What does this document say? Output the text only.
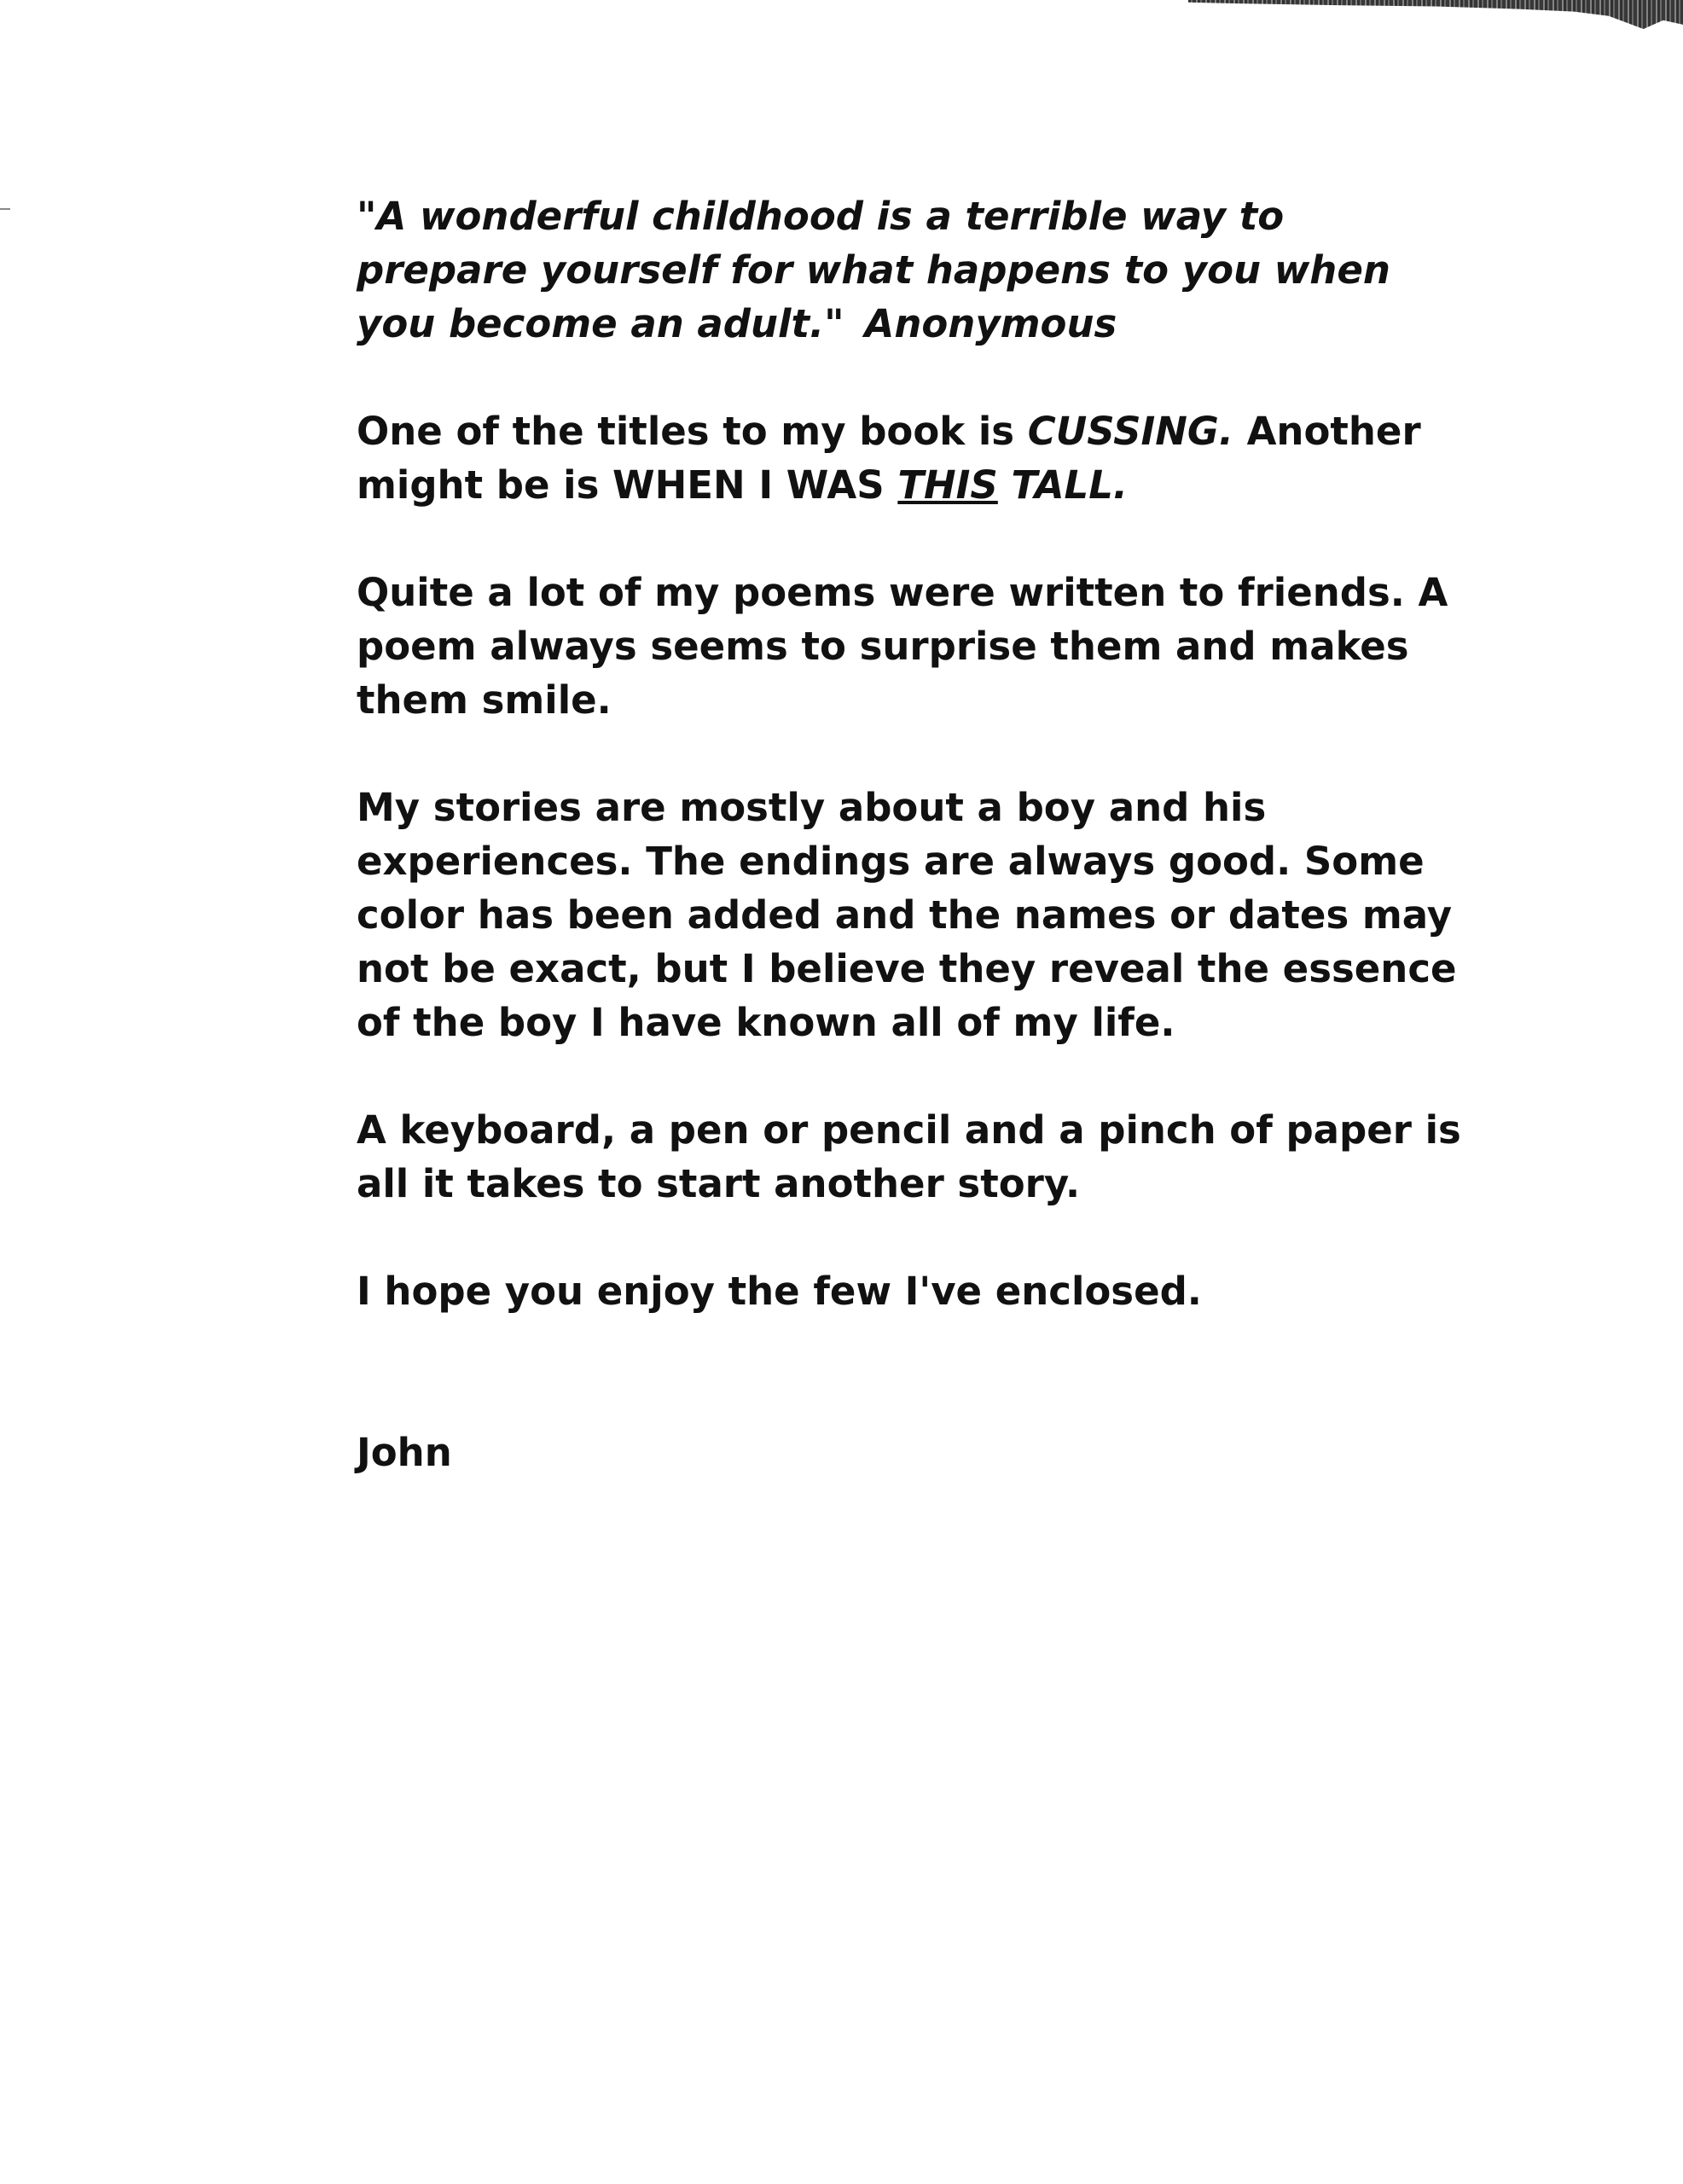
"A wonderful childhood is a terrible way to prepare yourself for what happens to you when you become an adult." Anonymous

One of the titles to my book is CUSSING. Another might be is WHEN I WAS THIS TALL.

Quite a lot of my poems were written to friends. A poem always seems to surprise them and makes them smile.

My stories are mostly about a boy and his experiences. The endings are always good. Some color has been added and the names or dates may not be exact, but I believe they reveal the essence of the boy I have known all of my life.

A keyboard, a pen or pencil and a pinch of paper is all it takes to start another story.

I hope you enjoy the few I've enclosed.

John
